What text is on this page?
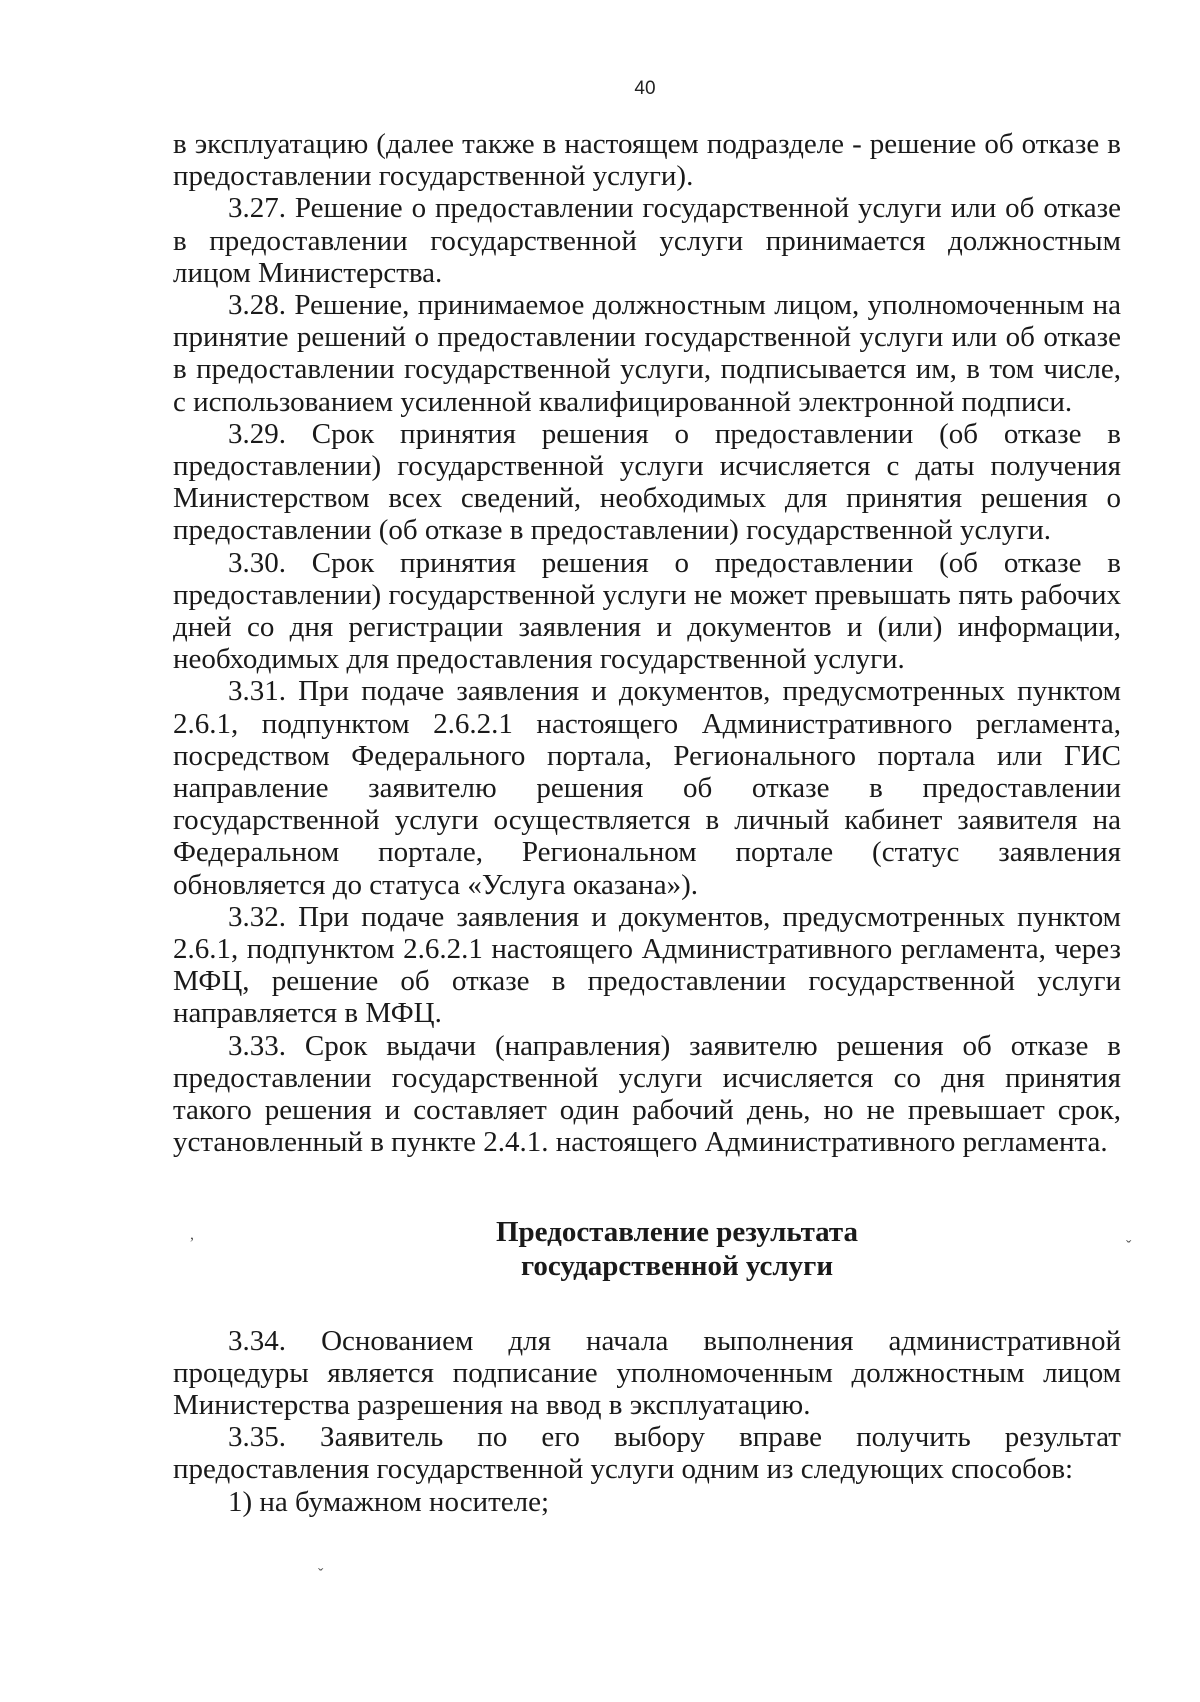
40

в эксплуатацию (далее также в настоящем подразделе - решение об отказе в предоставлении государственной услуги).

3.27. Решение о предоставлении государственной услуги или об отказе в предоставлении государственной услуги принимается должностным лицом Министерства.

3.28. Решение, принимаемое должностным лицом, уполномоченным на принятие решений о предоставлении государственной услуги или об отказе в предоставлении государственной услуги, подписывается им, в том числе, с использованием усиленной квалифицированной электронной подписи.

3.29. Срок принятия решения о предоставлении (об отказе в предоставлении) государственной услуги исчисляется с даты получения Министерством всех сведений, необходимых для принятия решения о предоставлении (об отказе в предоставлении) государственной услуги.

3.30. Срок принятия решения о предоставлении (об отказе в предоставлении) государственной услуги не может превышать пять рабочих дней со дня регистрации заявления и документов и (или) информации, необходимых для предоставления государственной услуги.

3.31. При подаче заявления и документов, предусмотренных пунктом 2.6.1, подпунктом 2.6.2.1 настоящего Административного регламента, посредством Федерального портала, Регионального портала или ГИС направление заявителю решения об отказе в предоставлении государственной услуги осуществляется в личный кабинет заявителя на Федеральном портале, Региональном портале (статус заявления обновляется до статуса «Услуга оказана»).

3.32. При подаче заявления и документов, предусмотренных пунктом 2.6.1, подпунктом 2.6.2.1 настоящего Административного регламента, через МФЦ, решение об отказе в предоставлении государственной услуги направляется в МФЦ.

3.33. Срок выдачи (направления) заявителю решения об отказе в предоставлении государственной услуги исчисляется со дня принятия такого решения и составляет один рабочий день, но не превышает срок, установленный в пункте 2.4.1. настоящего Административного регламента.

Предоставление результата
государственной услуги

3.34. Основанием для начала выполнения административной процедуры является подписание уполномоченным должностным лицом Министерства разрешения на ввод в эксплуатацию.

3.35. Заявитель по его выбору вправе получить результат предоставления государственной услуги одним из следующих способов:

1) на бумажном носителе;

,
ˇ
ˇ
